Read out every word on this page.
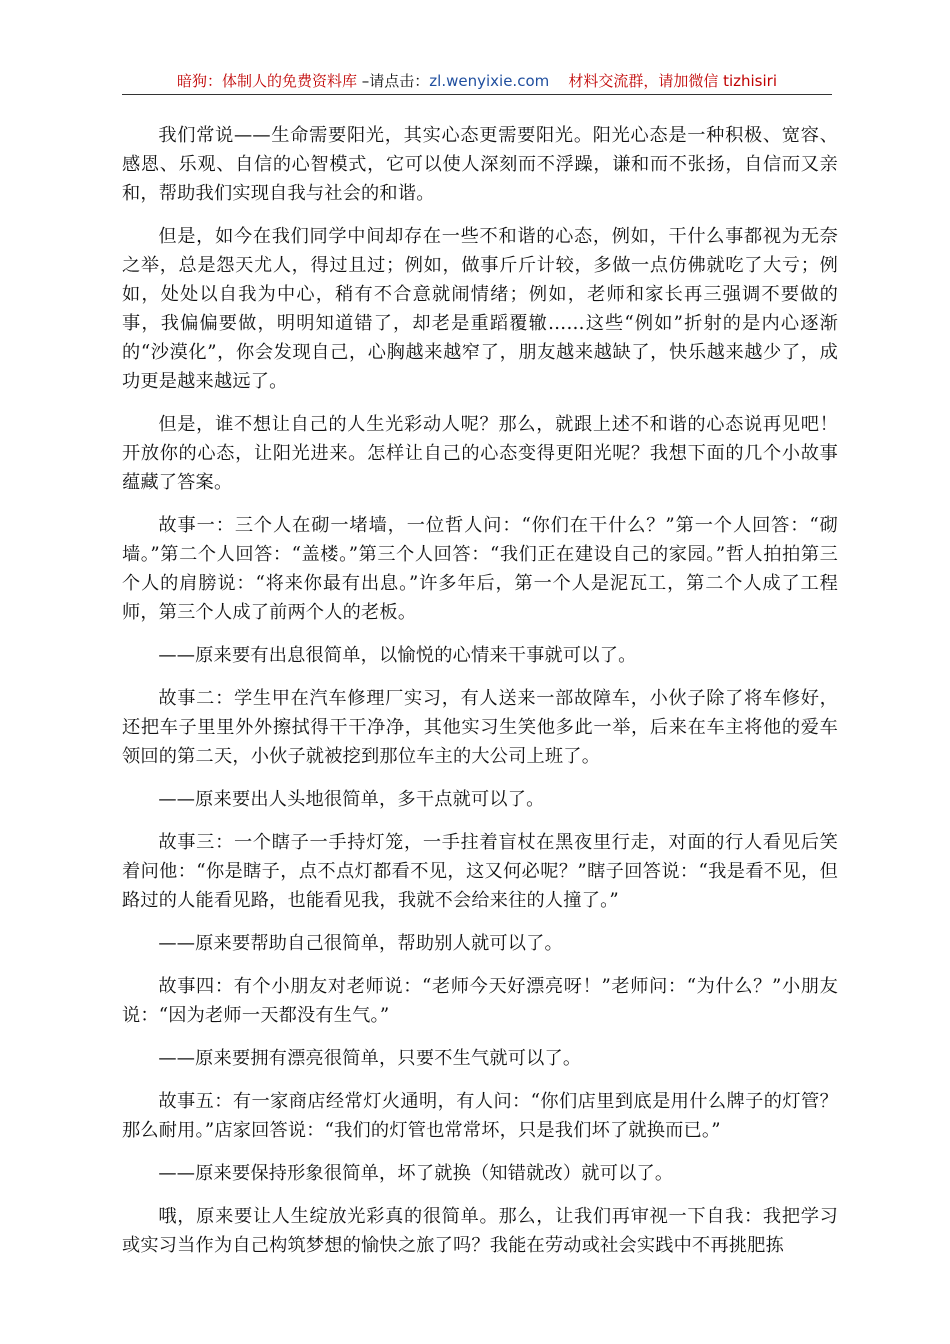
暗狗：体制人的免费资料库 –请点击：zl.wenyixie.com 材料交流群，请加微信 tizhisiri

我们常说——生命需要阳光，其实心态更需要阳光。阳光心态是一种积极、宽容、感恩、乐观、自信的心智模式，它可以使人深刻而不浮躁，谦和而不张扬，自信而又亲和，帮助我们实现自我与社会的和谐。

但是，如今在我们同学中间却存在一些不和谐的心态，例如，干什么事都视为无奈之举，总是怨天尤人，得过且过；例如，做事斤斤计较，多做一点仿佛就吃了大亏；例如，处处以自我为中心，稍有不合意就闹情绪；例如，老师和家长再三强调不要做的事，我偏偏要做，明明知道错了，却老是重蹈覆辙……这些“例如”折射的是内心逐渐的“沙漠化”，你会发现自己，心胸越来越窄了，朋友越来越缺了，快乐越来越少了，成功更是越来越远了。

但是，谁不想让自己的人生光彩动人呢？那么，就跟上述不和谐的心态说再见吧！开放你的心态，让阳光进来。怎样让自己的心态变得更阳光呢？我想下面的几个小故事蕴藏了答案。

故事一：三个人在砌一堵墙，一位哲人问：“你们在干什么？”第一个人回答：“砌墙。”第二个人回答：“盖楼。”第三个人回答：“我们正在建设自己的家园。”哲人拍拍第三个人的肩膀说：“将来你最有出息。”许多年后，第一个人是泥瓦工，第二个人成了工程师，第三个人成了前两个人的老板。

——原来要有出息很简单，以愉悦的心情来干事就可以了。

故事二：学生甲在汽车修理厂实习，有人送来一部故障车，小伙子除了将车修好，还把车子里里外外擦拭得干干净净，其他实习生笑他多此一举，后来在车主将他的爱车领回的第二天，小伙子就被挖到那位车主的大公司上班了。

——原来要出人头地很简单，多干点就可以了。

故事三：一个瞎子一手持灯笼，一手拄着盲杖在黑夜里行走，对面的行人看见后笑着问他：“你是瞎子，点不点灯都看不见，这又何必呢？”瞎子回答说：“我是看不见，但路过的人能看见路，也能看见我，我就不会给来往的人撞了。”

——原来要帮助自己很简单，帮助别人就可以了。

故事四：有个小朋友对老师说：“老师今天好漂亮呀！”老师问：“为什么？”小朋友说：“因为老师一天都没有生气。”

——原来要拥有漂亮很简单，只要不生气就可以了。

故事五：有一家商店经常灯火通明，有人问：“你们店里到底是用什么牌子的灯管？那么耐用。”店家回答说：“我们的灯管也常常坏，只是我们坏了就换而已。”

——原来要保持形象很简单，坏了就换（知错就改）就可以了。

哦，原来要让人生绽放光彩真的很简单。那么，让我们再审视一下自我：我把学习或实习当作为自己构筑梦想的愉快之旅了吗？我能在劳动或社会实践中不再挑肥拣
